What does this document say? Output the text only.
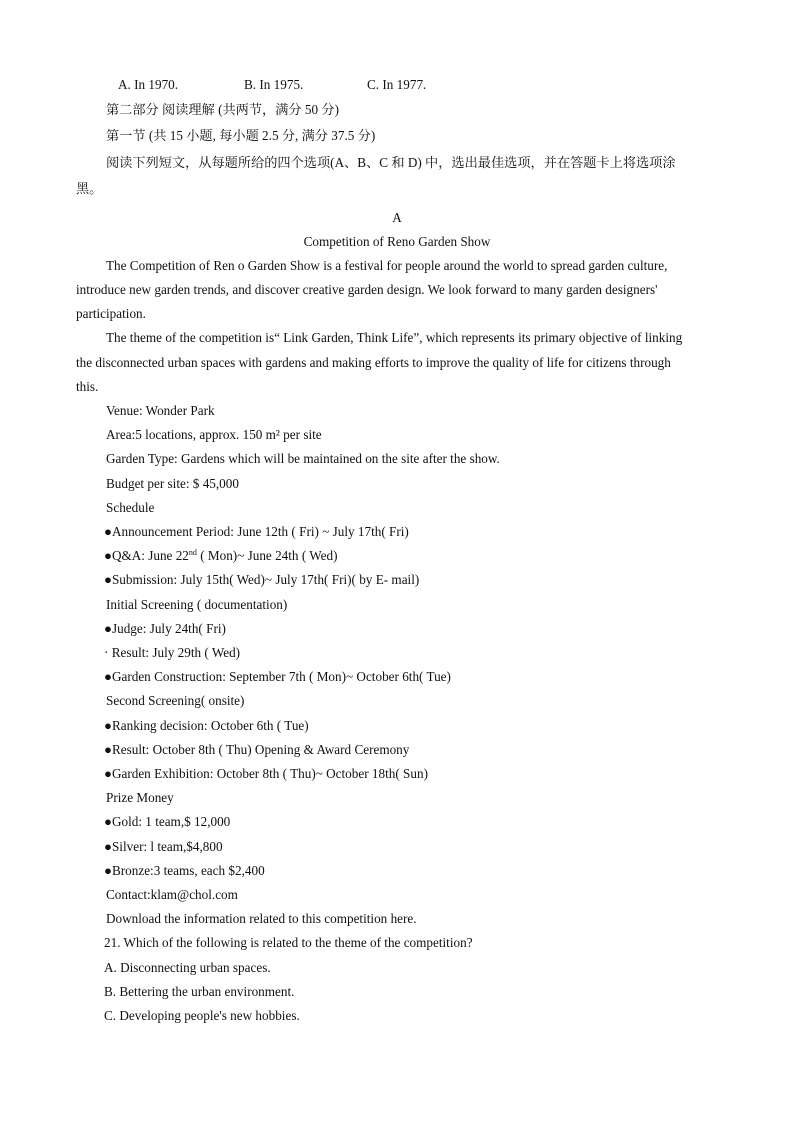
A. In 1970.	B. In 1975.	C. In 1977.
第二部分 阅读理解 (共两节，满分 50 分)
第一节 (共 15 小题, 每小题 2.5 分, 满分 37.5 分)
阅读下列短文，从每题所给的四个选项(A、B、C 和 D) 中，选出最佳选项，并在答题卡上将选项涂
黑。
A
Competition of Reno Garden Show
The Competition of Ren o Garden Show is a festival for people around the world to spread garden culture,
introduce new garden trends, and discover creative garden design. We look forward to many garden designers'
participation.
The theme of the competition is“ Link Garden, Think Life”, which represents its primary objective of linking
the disconnected urban spaces with gardens and making efforts to improve the quality of life for citizens through
this.
Venue: Wonder Park
Area:5 locations, approx. 150 m² per site
Garden Type: Gardens which will be maintained on the site after the show.
Budget per site: $ 45,000
Schedule
●Announcement Period: June 12th ( Fri) ~ July 17th( Fri)
●Q&A: June 22nd ( Mon)~ June 24th ( Wed)
●Submission: July 15th( Wed)~ July 17th( Fri)( by E- mail)
Initial Screening ( documentation)
●Judge: July 24th( Fri)
· Result: July 29th ( Wed)
●Garden Construction: September 7th ( Mon)~ October 6th( Tue)
Second Screening( onsite)
●Ranking decision: October 6th ( Tue)
●Result: October 8th ( Thu) Opening & Award Ceremony
●Garden Exhibition: October 8th ( Thu)~ October 18th( Sun)
Prize Money
●Gold: 1 team,$ 12,000
●Silver: l team,$4,800
●Bronze:3 teams, each $2,400
Contact:klam@chol.com
Download the information related to this competition here.
21. Which of the following is related to the theme of the competition?
A. Disconnecting urban spaces.
B. Bettering the urban environment.
C. Developing people's new hobbies.
